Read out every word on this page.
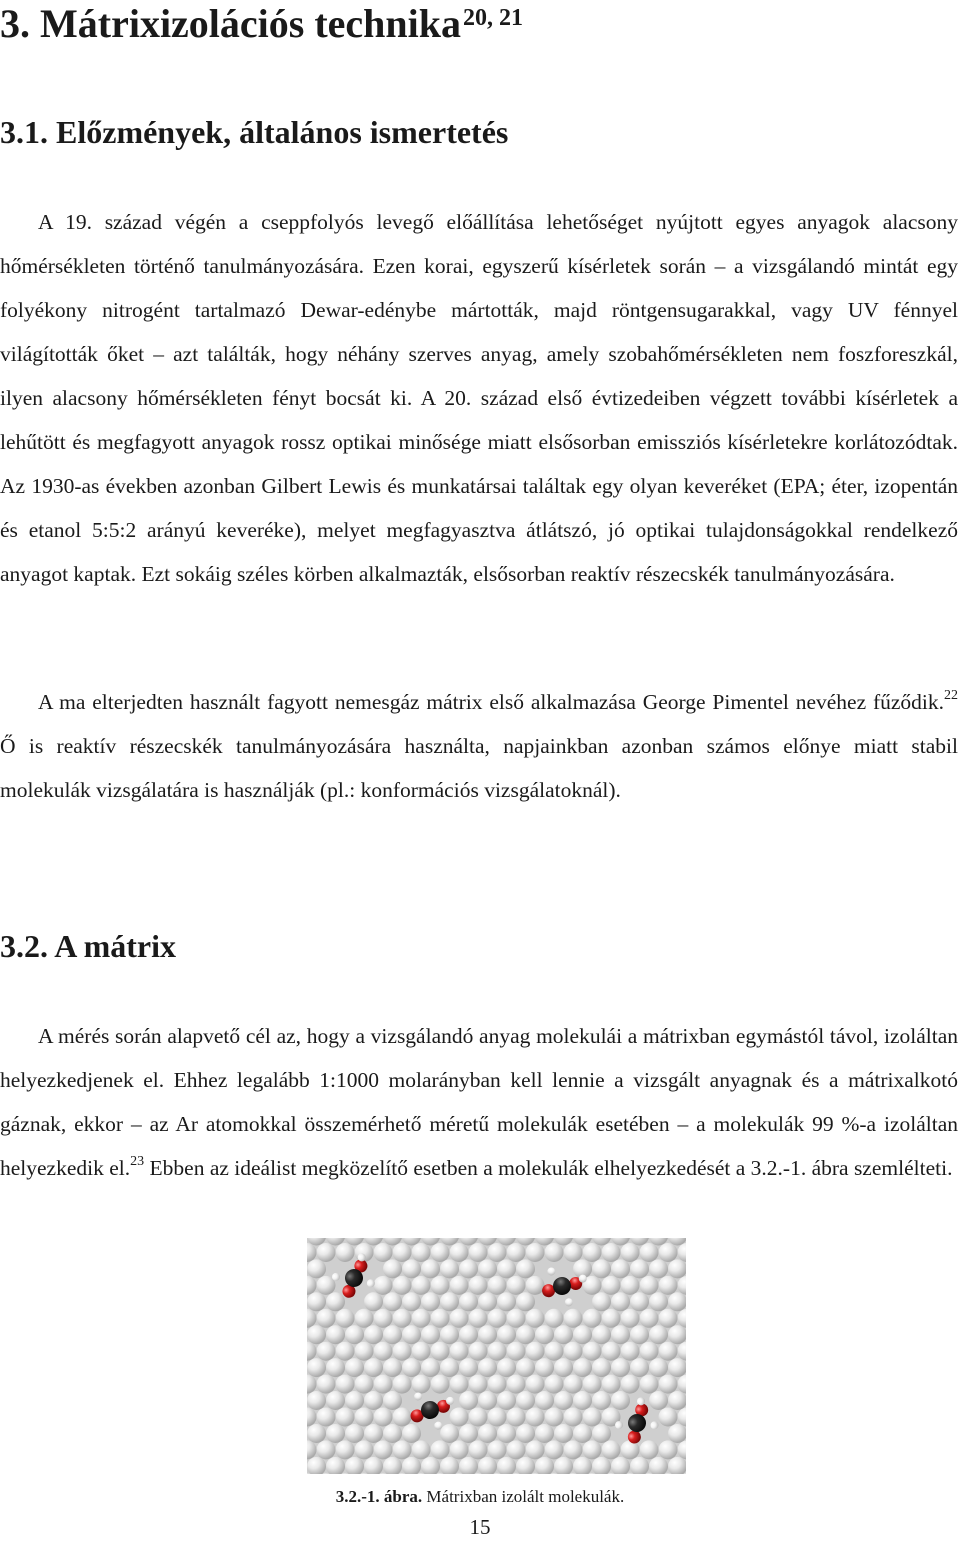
3. Mátrixizolációs technika$^{20, 21}$
3.1. Előzmények, általános ismertetés

A 19. század végén a cseppfolyós levegő előállítása lehetőséget nyújtott egyes anyagok alacsony hőmérsékleten történő tanulmányozására. Ezen korai, egyszerű kísérletek során – a vizsgálandó mintát egy folyékony nitrogént tartalmazó Dewar-edénybe mártották, majd röntgensugarakkal, vagy UV fénnyel világították őket – azt találták, hogy néhány szerves anyag, amely szobahőmérsékleten nem foszforeszkál, ilyen alacsony hőmérsékleten fényt bocsát ki. A 20. század első évtizedeiben végzett további kísérletek a lehűtött és megfagyott anyagok rossz optikai minősége miatt elsősorban emissziós kísérletekre korlátozódtak. Az 1930-as években azonban Gilbert Lewis és munkatársai találtak egy olyan keveréket (EPA; éter, izopentán és etanol 5:5:2 arányú keveréke), melyet megfagyasztva átlátszó, jó optikai tulajdonságokkal rendelkező anyagot kaptak. Ezt sokáig széles körben alkalmazták, elsősorban reaktív részecskék tanulmányozására.

A ma elterjedten használt fagyott nemesgáz mátrix első alkalmazása George Pimentel nevéhez fűződik.$^{22}$ Ő is reaktív részecskék tanulmányozására használta, napjainkban azonban számos előnye miatt stabil molekulák vizsgálatára is használják (pl.: konformációs vizsgálatoknál).

3.2. A mátrix

A mérés során alapvető cél az, hogy a vizsgálandó anyag molekulái a mátrixban egymástól távol, izoláltan helyezkedjenek el. Ehhez legalább 1:1000 molarányban kell lennie a vizsgált anyagnak és a mátrixalkotó gáznak, ekkor – az Ar atomokkal összemérhető méretű molekulák esetében – a molekulák 99 %-a izoláltan helyezkedik el.$^{23}$ Ebben az ideálist megközelítő esetben a molekulák elhelyezkedését a 3.2.-1. ábra szemlélteti.

3.2.-1. ábra. Mátrixban izolált molekulák.

15
